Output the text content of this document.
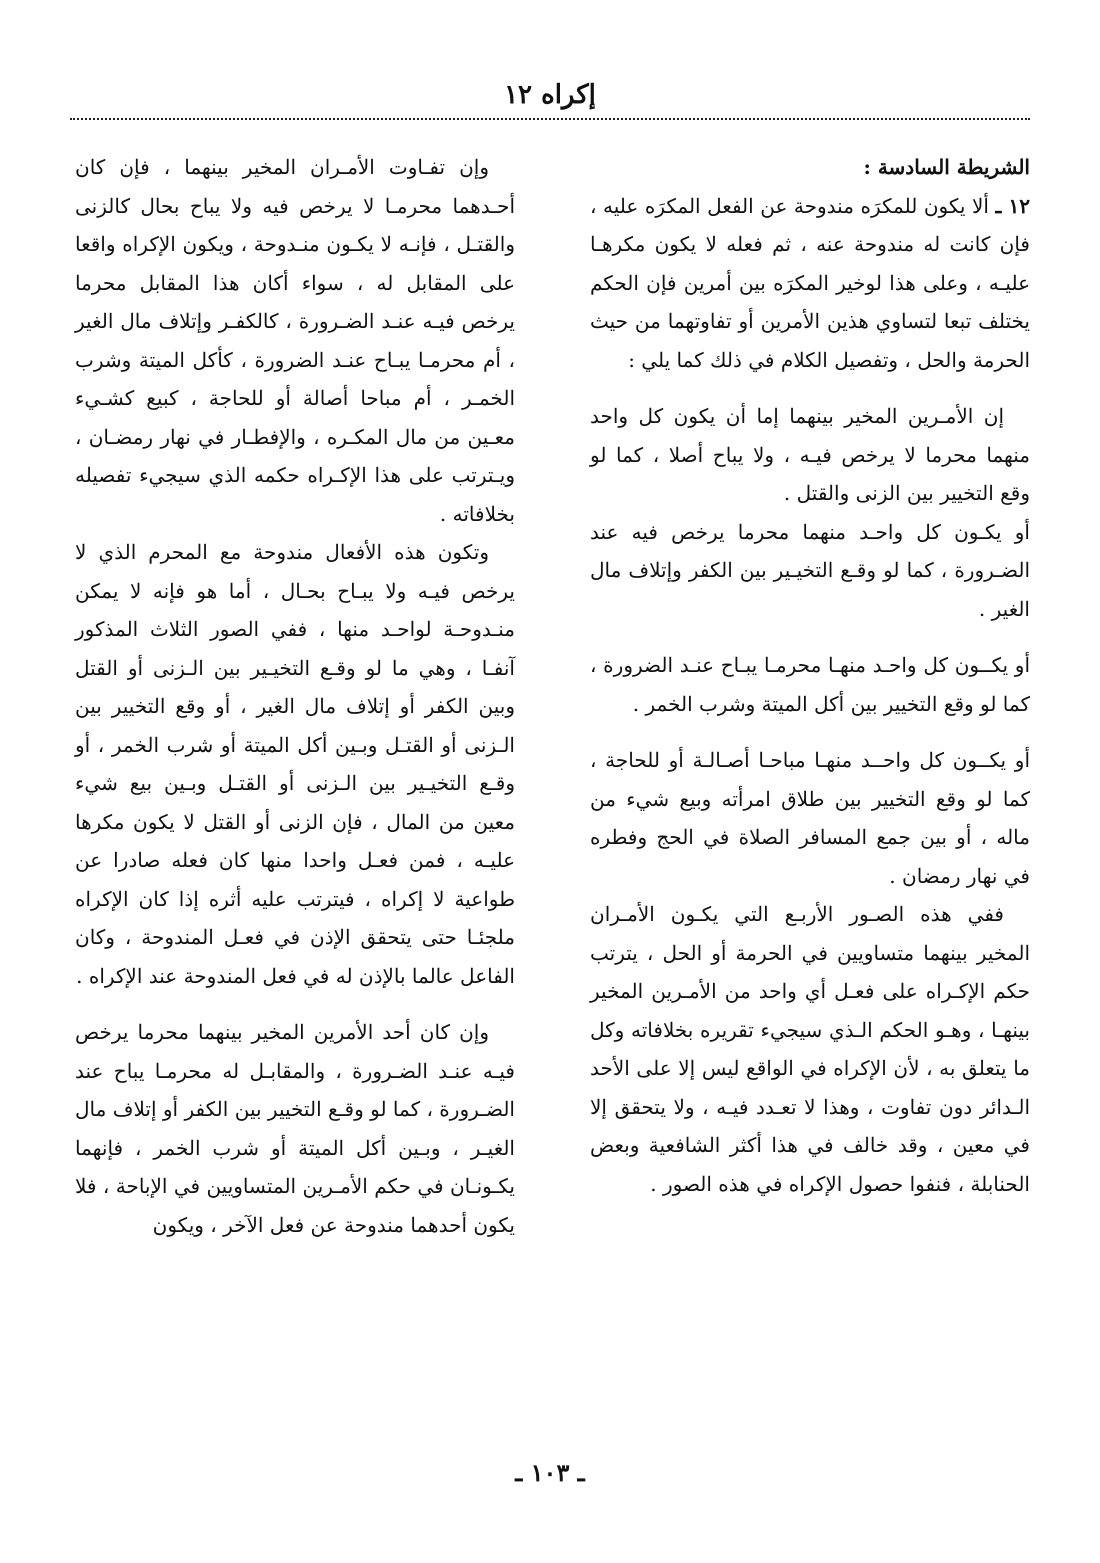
إكراه ١٢

الشريطة السادسة :

١٢ ـ ألا يكون للمكرَه مندوحة عن الفعل المكرَه عليه ، فإن كانت له مندوحة عنه ، ثم فعله لا يكون مكرهـا عليـه ، وعلى هذا لوخير المكرَه بين أمرين فإن الحكم يختلف تبعا لتساوي هذين الأمرين أو تفاوتهما من حيث الحرمة والحل ، وتفصيل الكلام في ذلك كما يلي :

إن الأمـرين المخير بينهما إما أن يكون كل واحد منهما محرما لا يرخص فيـه ، ولا يباح أصلا ، كما لو وقع التخيير بين الزنى والقتل .

أو يكـون كل واحـد منهما محرما يرخص فيه عند الضـرورة ، كما لو وقـع التخيـير بين الكفر وإتلاف مال الغير .

أو يكــون كل واحـد منهـا محرمـا يبـاح عنـد الضرورة ، كما لو وقع التخيير بين أكل الميتة وشرب الخمر .

أو يكــون كل واحــد منهـا مباحـا أصـالـة أو للحاجة ، كما لو وقع التخيير بين طلاق امرأته وبيع شيء من ماله ، أو بين جمع المسافر الصلاة في الحج وفطره في نهار رمضان .

ففي هذه الصـور الأربـع التي يكـون الأمـران المخير بينهما متساويين في الحرمة أو الحل ، يترتب حكم الإكـراه على فعـل أي واحد من الأمـرين المخير بينهـا ، وهـو الحكم الـذي سيجيء تقريره بخلافاته وكل ما يتعلق به ، لأن الإكراه في الواقع ليس إلا على الأحد الـدائر دون تفاوت ، وهذا لا تعـدد فيـه ، ولا يتحقق إلا في معين ، وقد خالف في هذا أكثر الشافعية وبعض الحنابلة ، فنفوا حصول الإكراه في هذه الصور .

وإن تفـاوت الأمـران المخير بينهما ، فإن كان أحـدهما محرمـا لا يرخص فيه ولا يباح بحال كالزنى والقتـل ، فإنـه لا يكـون منـدوحة ، ويكون الإكراه واقعا على المقابل له ، سواء أكان هذا المقابل محرما يرخص فيـه عنـد الضـرورة ، كالكفـر وإتلاف مال الغير ، أم محرمـا يبـاح عنـد الضرورة ، كأكل الميتة وشرب الخمـر ، أم مباحا أصالة أو للحاجة ، كبيع كشـيء معـين من مال المكـره ، والإفطـار في نهار رمضـان ، ويـترتب على هذا الإكـراه حكمه الذي سيجيء تفصيله بخلافاته .

وتكون هذه الأفعال مندوحة مع المحرم الذي لا يرخص فيـه ولا يبـاح بحـال ، أما هو فإنه لا يمكن منـدوحـة لواحـد منها ، ففي الصور الثلاث المذكور آنفـا ، وهي ما لو وقـع التخيـير بين الـزنى أو القتل وبين الكفر أو إتلاف مال الغير ، أو وقع التخيير بين الـزنى أو القتـل وبـين أكل الميتة أو شرب الخمر ، أو وقـع التخيـير بين الـزنى أو القتـل وبـين بيع شيء معين من المال ، فإن الزنى أو القتل لا يكون مكرها عليـه ، فمن فعـل واحدا منها كان فعله صادرا عن طواعية لا إكراه ، فيترتب عليه أثره إذا كان الإكراه ملجئـا حتى يتحقق الإذن في فعـل المندوحة ، وكان الفاعل عالما بالإذن له في فعل المندوحة عند الإكراه .

وإن كان أحد الأمرين المخير بينهما محرما يرخص فيـه عنـد الضـرورة ، والمقابـل له محرمـا يباح عند الضـرورة ، كما لو وقـع التخيير بين الكفر أو إتلاف مال الغيـر ، وبـين أكل الميتة أو شرب الخمر ، فإنهما يكـونـان في حكم الأمـرين المتساويين في الإباحة ، فلا يكون أحدهما مندوحة عن فعل الآخر ، ويكون

ـ ١٠٣ ـ
